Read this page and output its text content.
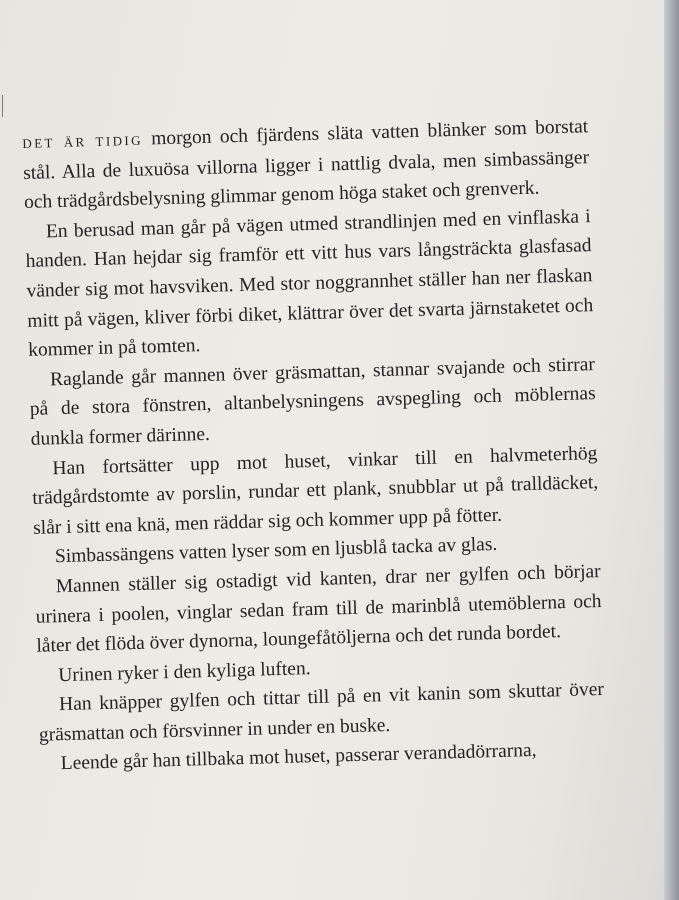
DET ÄR TIDIG morgon och fjärdens släta vatten blänker som borstat stål. Alla de luxuösa villorna ligger i nattlig dvala, men simbassänger och trädgårdsbelysning glimmar genom höga staket och grenverk.

En berusad man går på vägen utmed strandlinjen med en vinflaska i handen. Han hejdar sig framför ett vitt hus vars långsträckta glasfasad vänder sig mot havsviken. Med stor noggrannhet ställer han ner flaskan mitt på vägen, kliver förbi diket, klättrar över det svarta järnstaketet och kommer in på tomten.

Raglande går mannen över gräsmattan, stannar svajande och stirrar på de stora fönstren, altanbelysningens avspegling och möblernas dunkla former därinne.

Han fortsätter upp mot huset, vinkar till en halvmeterhög trädgårdstomte av porslin, rundar ett plank, snubblar ut på tralldäcket, slår i sitt ena knä, men räddar sig och kommer upp på fötter.

Simbassängens vatten lyser som en ljusblå tacka av glas.

Mannen ställer sig ostadigt vid kanten, drar ner gylfen och börjar urinera i poolen, vinglar sedan fram till de marinblå utemöblerna och låter det flöda över dynorna, loungefåtöljerna och det runda bordet.

Urinen ryker i den kyliga luften.

Han knäpper gylfen och tittar till på en vit kanin som skuttar över gräsmattan och försvinner in under en buske.

Leende går han tillbaka mot huset, passerar verandadörrarna,
